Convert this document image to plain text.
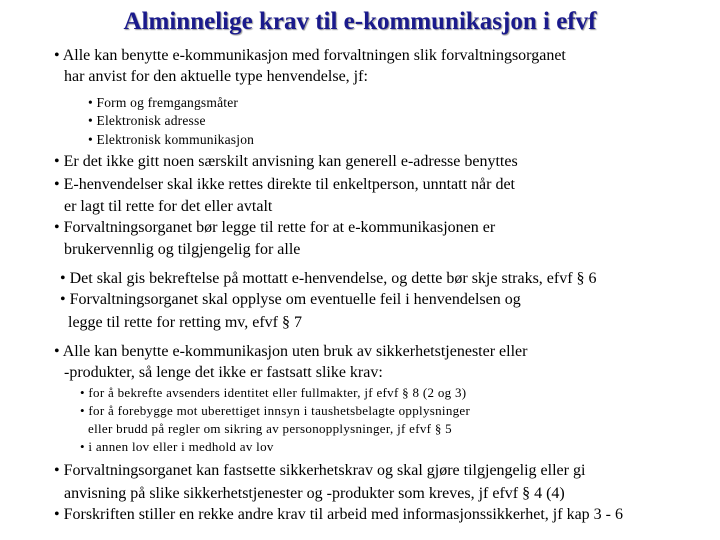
Alminnelige krav til e-kommunikasjon i efvf
• Alle kan benytte e-kommunikasjon med forvaltningen slik forvaltningsorganet
har anvist for den aktuelle type henvendelse, jf:
• Form og fremgangsmåter
• Elektronisk adresse
• Elektronisk kommunikasjon
• Er det ikke gitt noen særskilt anvisning kan generell e-adresse benyttes
• E-henvendelser skal ikke rettes direkte til enkeltperson, unntatt når det
er lagt til rette for det eller avtalt
• Forvaltningsorganet bør legge til rette for at e-kommunikasjonen er
brukervennlig og tilgjengelig for alle
• Det skal gis bekreftelse på mottatt e-henvendelse, og dette bør skje straks, efvf § 6
• Forvaltningsorganet skal opplyse om eventuelle feil i henvendelsen og
legge til rette for retting mv, efvf § 7
• Alle kan benytte e-kommunikasjon uten bruk av sikkerhetstjenester eller
-produkter, så lenge det ikke er fastsatt slike krav:
• for å bekrefte avsenders identitet eller fullmakter, jf efvf § 8 (2 og 3)
• for å forebygge mot uberettiget innsyn i taushetsbelagte opplysninger
eller brudd på regler om sikring av personopplysninger, jf efvf § 5
• i annen lov eller i medhold av lov
• Forvaltningsorganet kan fastsette sikkerhetskrav og skal gjøre tilgjengelig eller gi
anvisning på slike sikkerhetstjenester og -produkter som kreves, jf efvf § 4 (4)
• Forskriften stiller en rekke andre krav til arbeid med informasjonssikkerhet, jf kap 3 - 6
